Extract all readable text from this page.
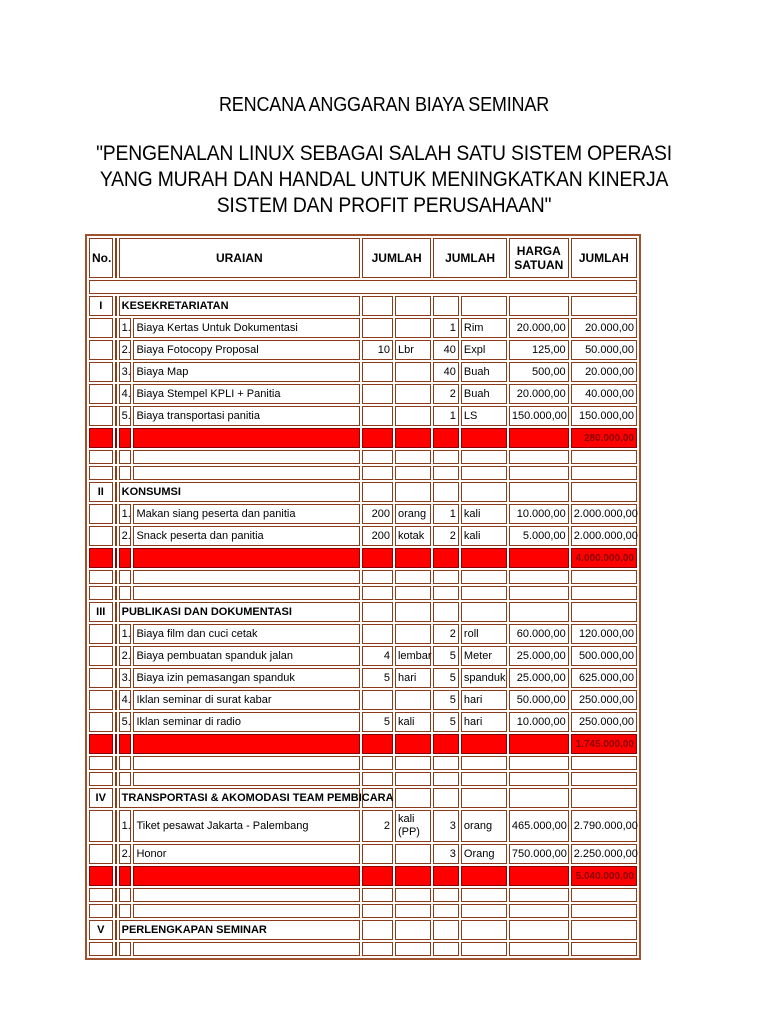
RENCANA ANGGARAN BIAYA SEMINAR
"PENGENALAN LINUX SEBAGAI SALAH SATU SISTEM OPERASI
YANG MURAH DAN HANDAL UNTUK MENINGKATKAN KINERJA
SISTEM DAN PROFIT PERUSAHAAN"
No.		URAIAN		JUMLAH		JUMLAH		HARGA SATUAN	JUMLAH

I		KESEKRETARIATAN							
		1.	Biaya Kertas Untuk Dokumentasi			1	Rim	20.000,00	20.000,00
		2.	Biaya Fotocopy Proposal	10	Lbr	40	Expl	125,00	50.000,00
		3.	Biaya Map			40	Buah	500,00	20.000,00
		4.	Biaya Stempel KPLI + Panitia			2	Buah	20.000,00	40.000,00
		5.	Biaya transportasi panitia			1	LS	150.000,00	150.000,00
									280.000,00

II		KONSUMSI							
		1.	Makan siang peserta dan panitia	200	orang	1	kali	10.000,00	2.000.000,00
		2.	Snack peserta dan panitia	200	kotak	2	kali	5.000,00	2.000.000,00
									4.000.000,00

III		PUBLIKASI DAN DOKUMENTASI							
		1.	Biaya film dan cuci cetak			2	roll	60.000,00	120.000,00
		2.	Biaya pembuatan spanduk jalan	4	lembar	5	Meter	25.000,00	500.000,00
		3.	Biaya izin pemasangan spanduk	5	hari	5	spanduk	25.000,00	625.000,00
		4.	Iklan seminar di surat kabar			5	hari	50.000,00	250.000,00
		5.	Iklan seminar di radio	5	kali	5	hari	10.000,00	250.000,00
									1.745.000,00

IV		TRANSPORTASI & AKOMODASI TEAM PEMBICARA							
		1.	Tiket pesawat Jakarta - Palembang	2	kali (PP)	3	orang	465.000,00	2.790.000,00
		2.	Honor			3	Orang	750.000,00	2.250.000,00
									5.040.000,00

V		PERLENGKAPAN SEMINAR							
